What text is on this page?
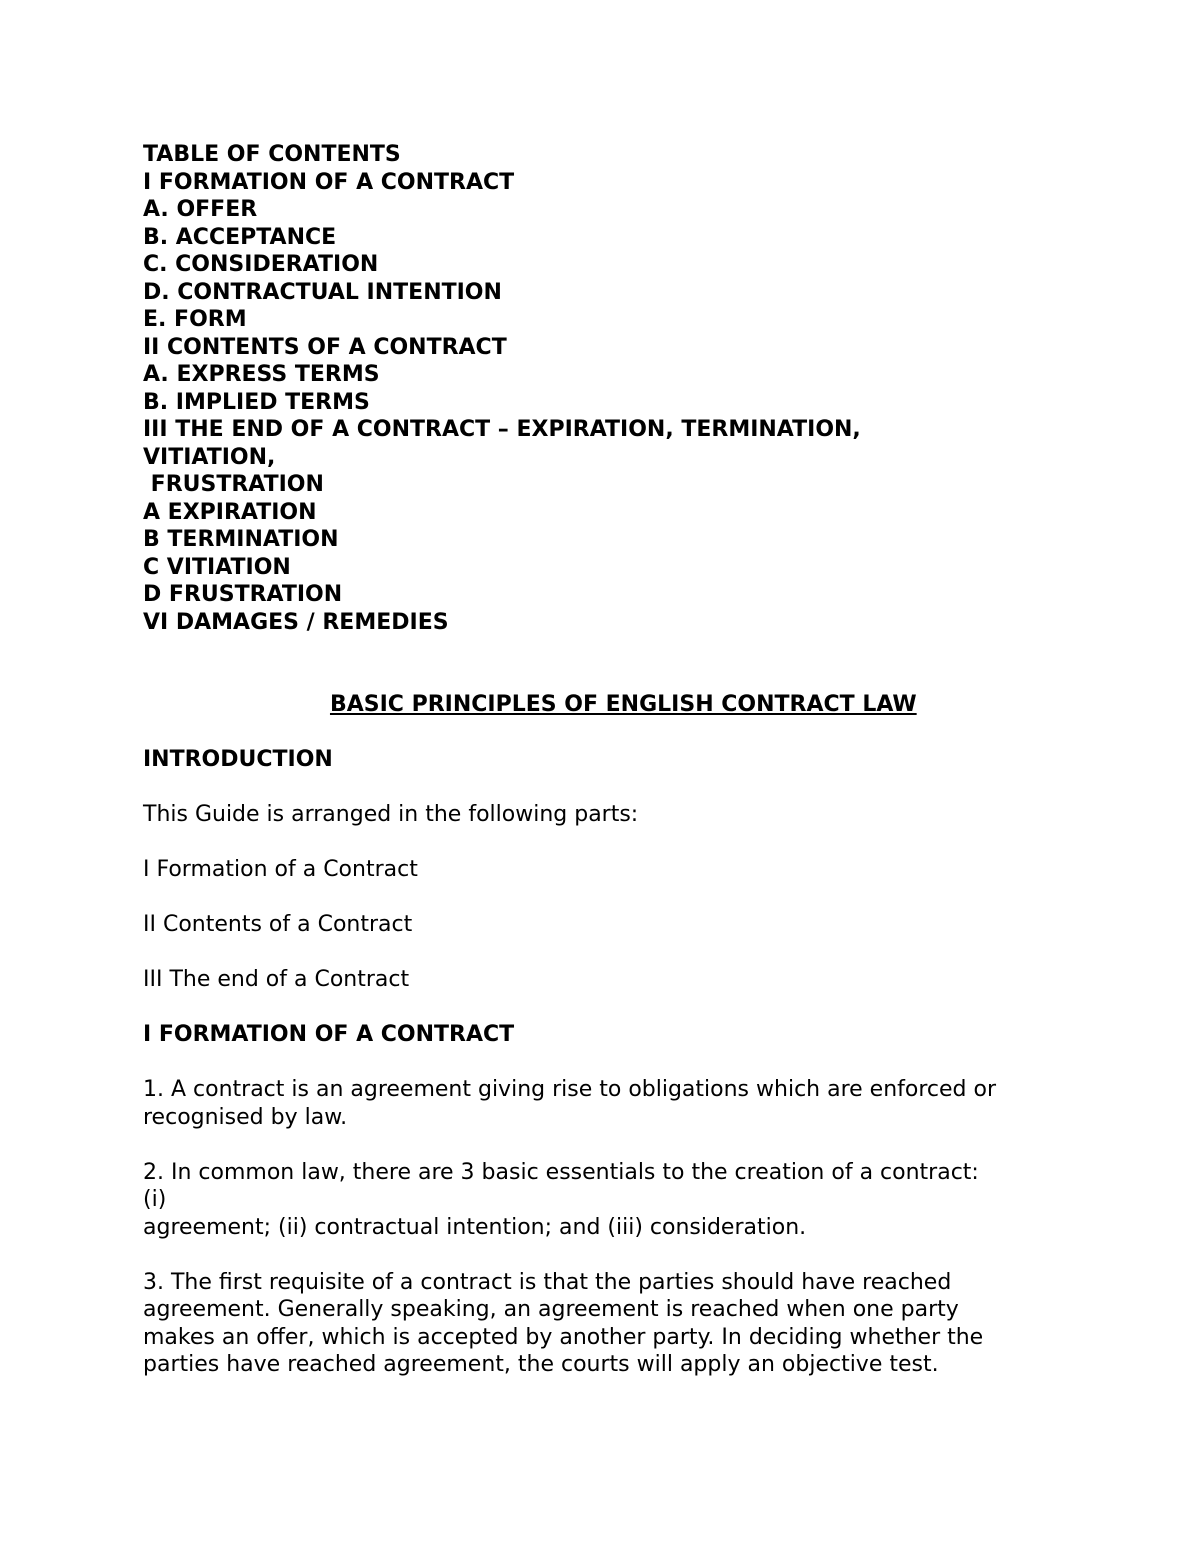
TABLE OF CONTENTS
I FORMATION OF A CONTRACT
A. OFFER
B. ACCEPTANCE
C. CONSIDERATION
D. CONTRACTUAL INTENTION
E. FORM
II CONTENTS OF A CONTRACT
A. EXPRESS TERMS
B. IMPLIED TERMS
III THE END OF A CONTRACT – EXPIRATION, TERMINATION,
VITIATION,
FRUSTRATION
A EXPIRATION
B TERMINATION
C VITIATION
D FRUSTRATION
VI DAMAGES / REMEDIES

BASIC PRINCIPLES OF ENGLISH CONTRACT LAW

INTRODUCTION
This Guide is arranged in the following parts:
I Formation of a Contract
II Contents of a Contract
III The end of a Contract
I FORMATION OF A CONTRACT
1. A contract is an agreement giving rise to obligations which are enforced or
recognised by law.
2. In common law, there are 3 basic essentials to the creation of a contract:
(i)
agreement; (ii) contractual intention; and (iii) consideration.
3. The first requisite of a contract is that the parties should have reached
agreement. Generally speaking, an agreement is reached when one party
makes an offer, which is accepted by another party. In deciding whether the
parties have reached agreement, the courts will apply an objective test.
